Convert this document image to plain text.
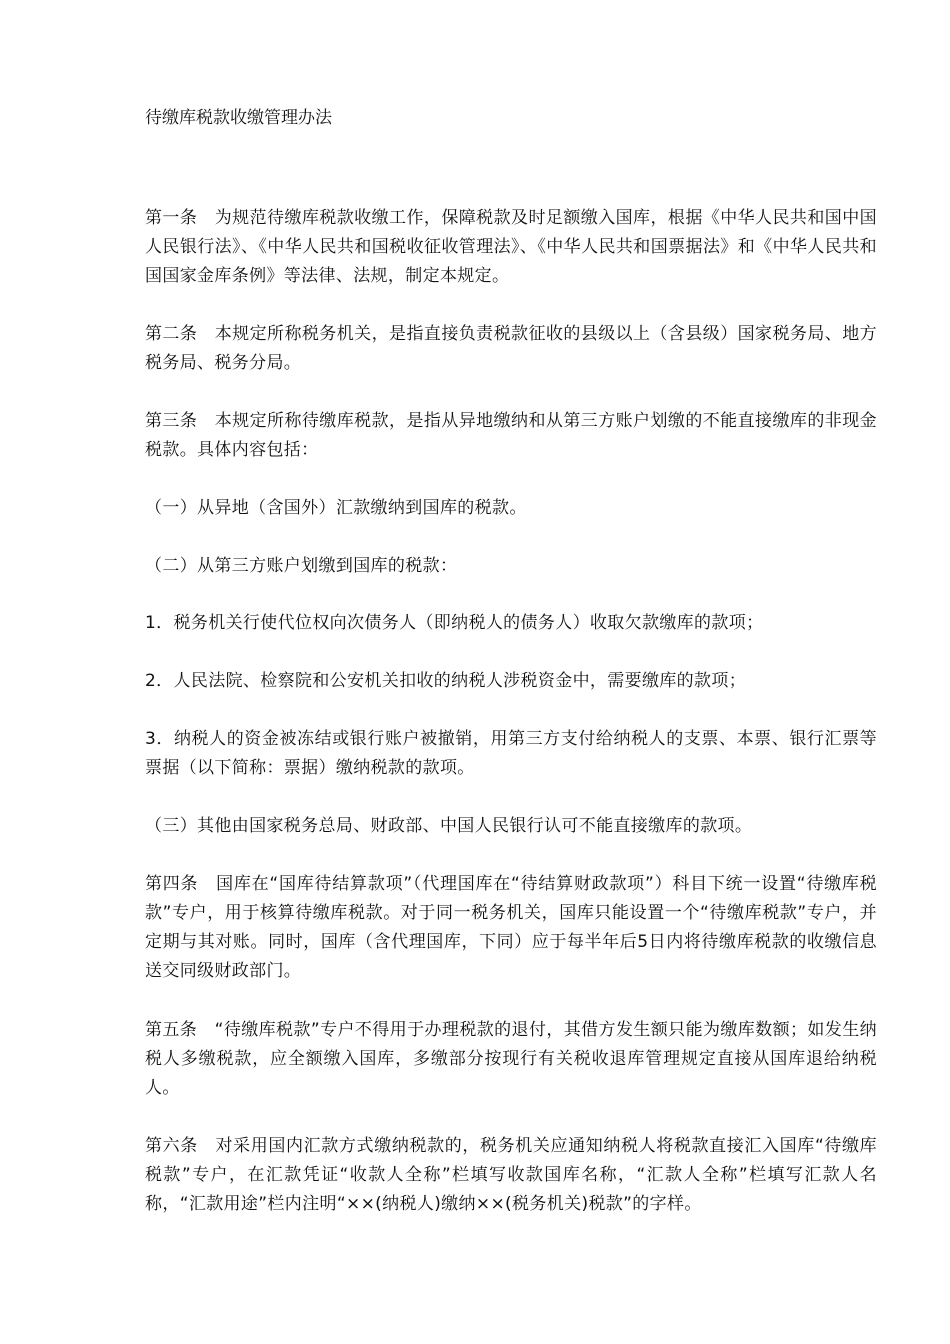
待缴库税款收缴管理办法

第一条　为规范待缴库税款收缴工作，保障税款及时足额缴入国库，根据《中华人民共和国中国人民银行法》、《中华人民共和国税收征收管理法》、《中华人民共和国票据法》和《中华人民共和国国家金库条例》等法律、法规，制定本规定。

第二条　本规定所称税务机关，是指直接负责税款征收的县级以上（含县级）国家税务局、地方税务局、税务分局。

第三条　本规定所称待缴库税款，是指从异地缴纳和从第三方账户划缴的不能直接缴库的非现金税款。具体内容包括：

（一）从异地（含国外）汇款缴纳到国库的税款。

（二）从第三方账户划缴到国库的税款：

1．税务机关行使代位权向次债务人（即纳税人的债务人）收取欠款缴库的款项；

2．人民法院、检察院和公安机关扣收的纳税人涉税资金中，需要缴库的款项；

3．纳税人的资金被冻结或银行账户被撤销，用第三方支付给纳税人的支票、本票、银行汇票等票据（以下简称：票据）缴纳税款的款项。

（三）其他由国家税务总局、财政部、中国人民银行认可不能直接缴库的款项。

第四条　国库在“国库待结算款项”（代理国库在“待结算财政款项”）科目下统一设置“待缴库税款”专户，用于核算待缴库税款。对于同一税务机关，国库只能设置一个“待缴库税款”专户，并定期与其对账。同时，国库（含代理国库，下同）应于每半年后5日内将待缴库税款的收缴信息送交同级财政部门。

第五条　“待缴库税款”专户不得用于办理税款的退付，其借方发生额只能为缴库数额；如发生纳税人多缴税款，应全额缴入国库，多缴部分按现行有关税收退库管理规定直接从国库退给纳税人。

第六条　对采用国内汇款方式缴纳税款的，税务机关应通知纳税人将税款直接汇入国库“待缴库税款”专户，在汇款凭证“收款人全称”栏填写收款国库名称，“汇款人全称”栏填写汇款人名称，“汇款用途”栏内注明“××(纳税人)缴纳××(税务机关)税款”的字样。
